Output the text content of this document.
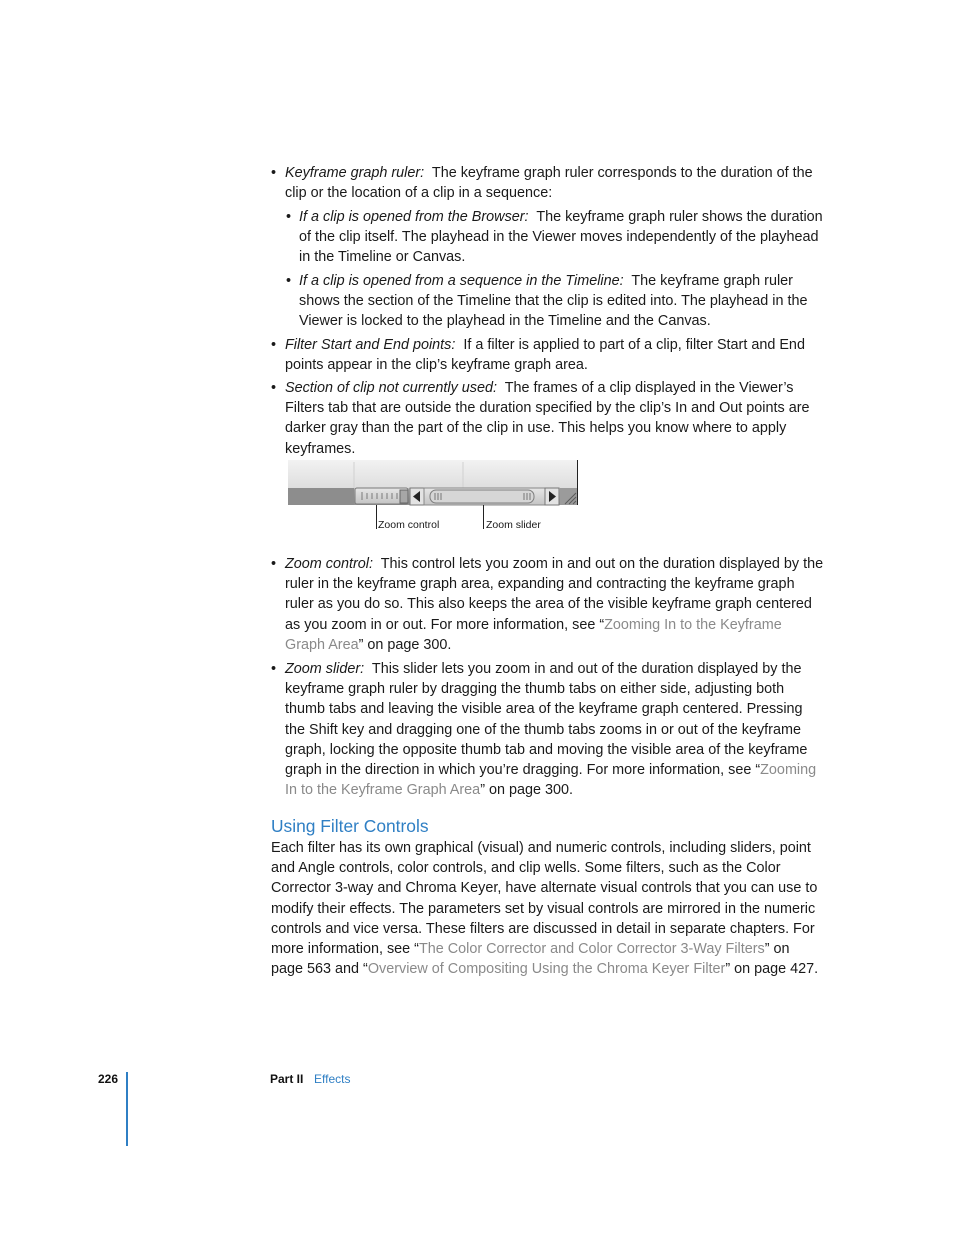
• Keyframe graph ruler: The keyframe graph ruler corresponds to the duration of the clip or the location of a clip in a sequence:

• If a clip is opened from the Browser: The keyframe graph ruler shows the duration of the clip itself. The playhead in the Viewer moves independently of the playhead in the Timeline or Canvas.

• If a clip is opened from a sequence in the Timeline: The keyframe graph ruler shows the section of the Timeline that the clip is edited into. The playhead in the Viewer is locked to the playhead in the Timeline and the Canvas.

• Filter Start and End points: If a filter is applied to part of a clip, filter Start and End points appear in the clip’s keyframe graph area.

• Section of clip not currently used: The frames of a clip displayed in the Viewer’s Filters tab that are outside the duration specified by the clip’s In and Out points are darker gray than the part of the clip in use. This helps you know where to apply keyframes.

Zoom control	Zoom slider
• Zoom control: This control lets you zoom in and out on the duration displayed by the ruler in the keyframe graph area, expanding and contracting the keyframe graph ruler as you do so. This also keeps the area of the visible keyframe graph centered as you zoom in or out. For more information, see “Zooming In to the Keyframe Graph Area” on page 300.

• Zoom slider: This slider lets you zoom in and out of the duration displayed by the keyframe graph ruler by dragging the thumb tabs on either side, adjusting both thumb tabs and leaving the visible area of the keyframe graph centered. Pressing the Shift key and dragging one of the thumb tabs zooms in or out of the keyframe graph, locking the opposite thumb tab and moving the visible area of the keyframe graph in the direction in which you’re dragging. For more information, see “Zooming In to the Keyframe Graph Area” on page 300.

Using Filter Controls

Each filter has its own graphical (visual) and numeric controls, including sliders, point and Angle controls, color controls, and clip wells. Some filters, such as the Color Corrector 3-way and Chroma Keyer, have alternate visual controls that you can use to modify their effects. The parameters set by visual controls are mirrored in the numeric controls and vice versa. These filters are discussed in detail in separate chapters. For more information, see “The Color Corrector and Color Corrector 3-Way Filters” on page 563 and “Overview of Compositing Using the Chroma Keyer Filter” on page 427.

226	Part II Effects
